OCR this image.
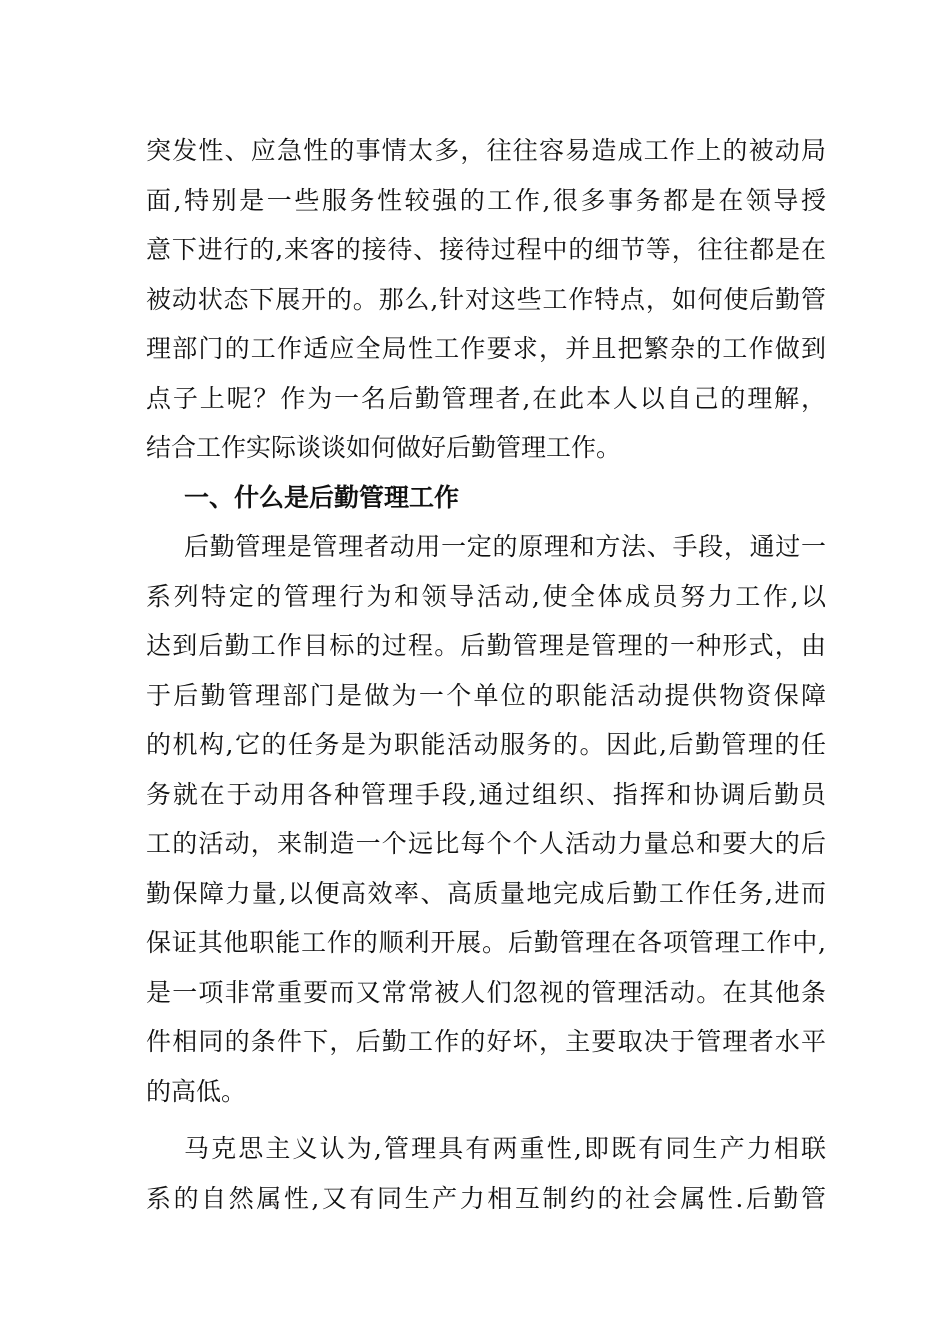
突发性、应急性的事情太多，往往容易造成工作上的被动局
面,特别是一些服务性较强的工作,很多事务都是在领导授
意下进行的,来客的接待、接待过程中的细节等，往往都是在
被动状态下展开的。那么,针对这些工作特点，如何使后勤管
理部门的工作适应全局性工作要求，并且把繁杂的工作做到
点子上呢？作为一名后勤管理者,在此本人以自己的理解，
结合工作实际谈谈如何做好后勤管理工作。
一、什么是后勤管理工作
后勤管理是管理者动用一定的原理和方法、手段，通过一
系列特定的管理行为和领导活动,使全体成员努力工作,以
达到后勤工作目标的过程。后勤管理是管理的一种形式，由
于后勤管理部门是做为一个单位的职能活动提供物资保障
的机构,它的任务是为职能活动服务的。因此,后勤管理的任
务就在于动用各种管理手段,通过组织、指挥和协调后勤员
工的活动，来制造一个远比每个个人活动力量总和要大的后
勤保障力量,以便高效率、高质量地完成后勤工作任务,进而
保证其他职能工作的顺利开展。后勤管理在各项管理工作中,
是一项非常重要而又常常被人们忽视的管理活动。在其他条
件相同的条件下，后勤工作的好坏，主要取决于管理者水平
的高低。
马克思主义认为,管理具有两重性,即既有同生产力相联
系的自然属性,又有同生产力相互制约的社会属性.后勤管
